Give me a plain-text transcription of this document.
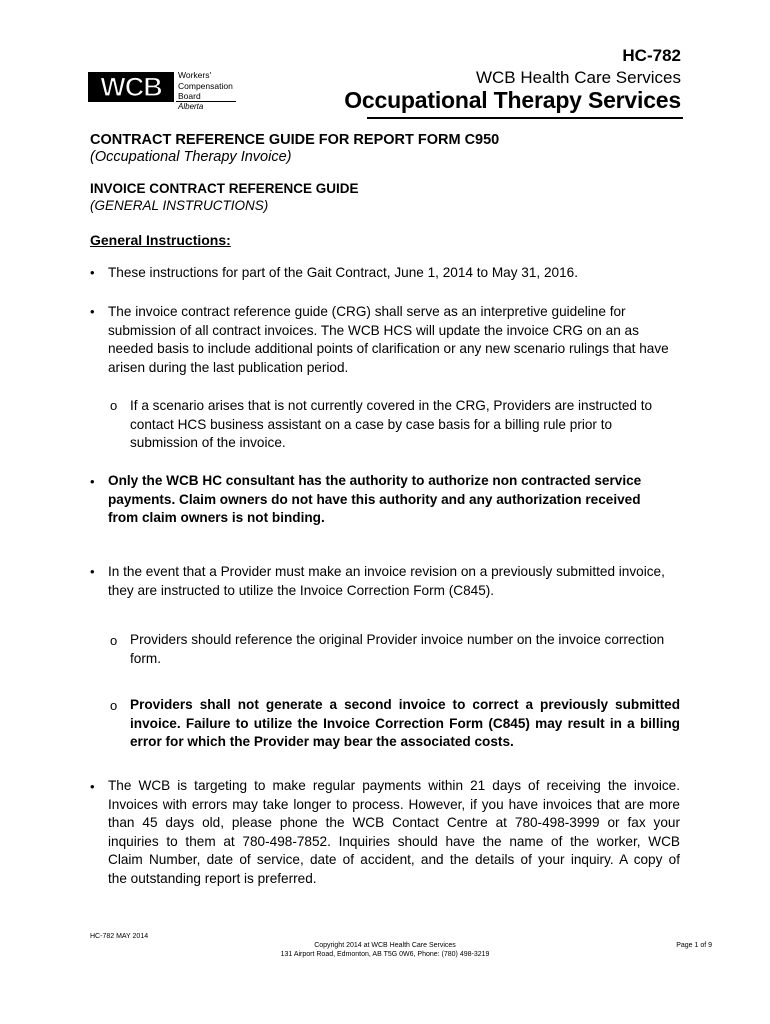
WCB Workers'
Compensation
Board
Alberta
HC-782
WCB Health Care Services
Occupational Therapy Services
CONTRACT REFERENCE GUIDE FOR REPORT FORM C950
(Occupational Therapy Invoice)
INVOICE CONTRACT REFERENCE GUIDE
(GENERAL INSTRUCTIONS)
General Instructions:
• These instructions for part of the Gait Contract, June 1, 2014 to May 31, 2016.
• The invoice contract reference guide (CRG) shall serve as an interpretive guideline for
submission of all contract invoices. The WCB HCS will update the invoice CRG on an as
needed basis to include additional points of clarification or any new scenario rulings that have
arisen during the last publication period.
o If a scenario arises that is not currently covered in the CRG, Providers are instructed to
contact HCS business assistant on a case by case basis for a billing rule prior to
submission of the invoice.
• Only the WCB HC consultant has the authority to authorize non contracted service
payments. Claim owners do not have this authority and any authorization received
from claim owners is not binding.
• In the event that a Provider must make an invoice revision on a previously submitted invoice,
they are instructed to utilize the Invoice Correction Form (C845).
o Providers should reference the original Provider invoice number on the invoice correction
form.
o Providers shall not generate a second invoice to correct a previously submitted
invoice. Failure to utilize the Invoice Correction Form (C845) may result in a billing
error for which the Provider may bear the associated costs.
• The WCB is targeting to make regular payments within 21 days of receiving the invoice.
Invoices with errors may take longer to process. However, if you have invoices that are more
than 45 days old, please phone the WCB Contact Centre at 780-498-3999 or fax your
inquiries to them at 780-498-7852. Inquiries should have the name of the worker, WCB
Claim Number, date of service, date of accident, and the details of your inquiry. A copy of
the outstanding report is preferred.
HC-782 MAY 2014
Copyright 2014 at WCB Health Care Services
131 Airport Road, Edmonton, AB T5G 0W6, Phone: (780) 498-3219
Page 1 of 9
